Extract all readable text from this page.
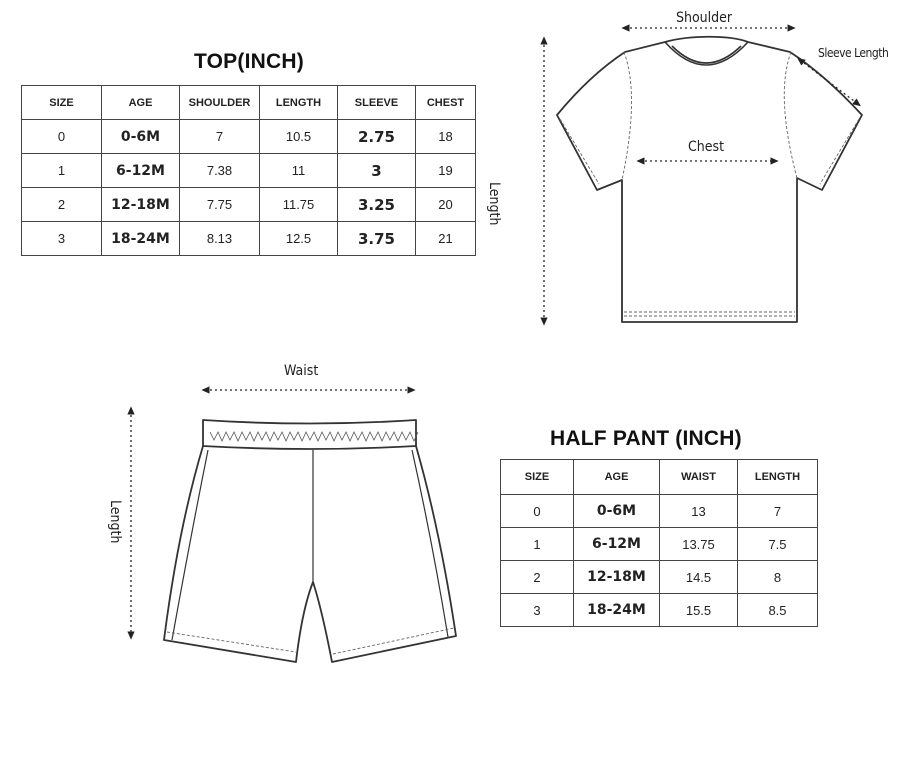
TOP(INCH)
SIZE	AGE	SHOULDER	LENGTH	SLEEVE	CHEST
0	0-6M	7	10.5	2.75	18
1	6-12M	7.38	11	3	19
2	12-18M	7.75	11.75	3.25	20
3	18-24M	8.13	12.5	3.75	21
HALF PANT (INCH)
SIZE	AGE	WAIST	LENGTH
0	0-6M	13	7
1	6-12M	13.75	7.5
2	12-18M	14.5	8
3	18-24M	15.5	8.5
Shoulder
Sleeve Length
Chest
Length
Waist
Length
